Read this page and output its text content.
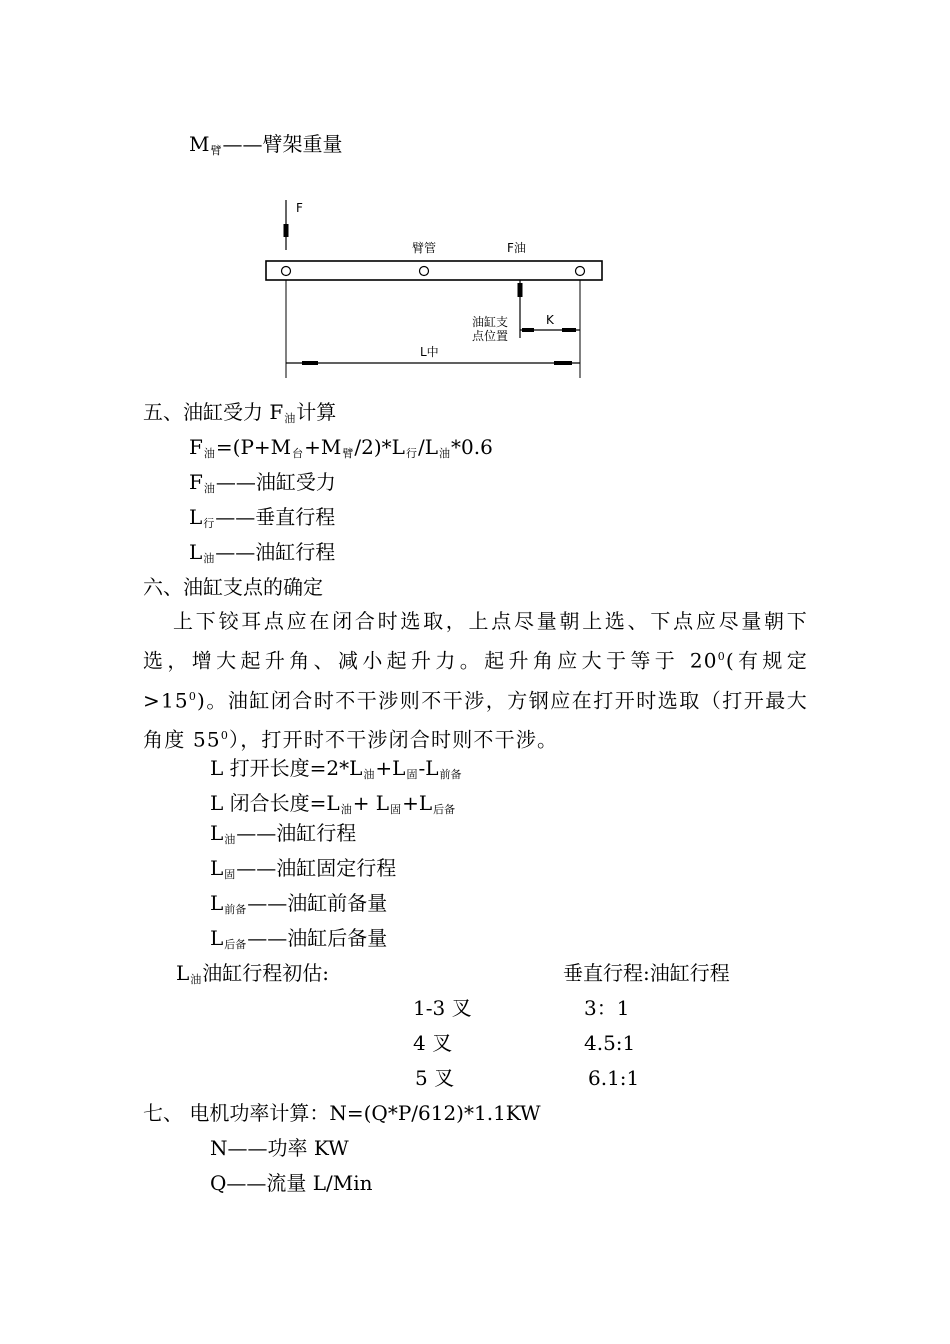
M臂——臂架重量
F
臂管	F油
油缸支
点位置
K
L中
五、油缸受力 F油计算
F油=(P+M台+M臂/2)*L行/L油*0.6
F油——油缸受力
L行——垂直行程
L油——油缸行程
六、油缸支点的确定
上下铰耳点应在闭合时选取，上点尽量朝上选、下点应尽量朝下选，增大起升角、减小起升力。起升角应大于等于 $20^0$(有规定$>15^0$)。油缸闭合时不干涉则不干涉，方钢应在打开时选取（打开最大角度 $55^0$），打开时不干涉闭合时则不干涉。
L 打开长度=2*L油+L固-L前备
L 闭合长度=L油+ L固+L后备
L油——油缸行程
L固——油缸固定行程
L前备——油缸前备量
L后备——油缸后备量
L油油缸行程初估:	垂直行程:油缸行程
1-3 叉	3：1
4 叉	4.5:1
5 叉	6.1:1
七、 电机功率计算：N=(Q*P/612)*1.1KW
N——功率 KW
Q——流量 L/Min
